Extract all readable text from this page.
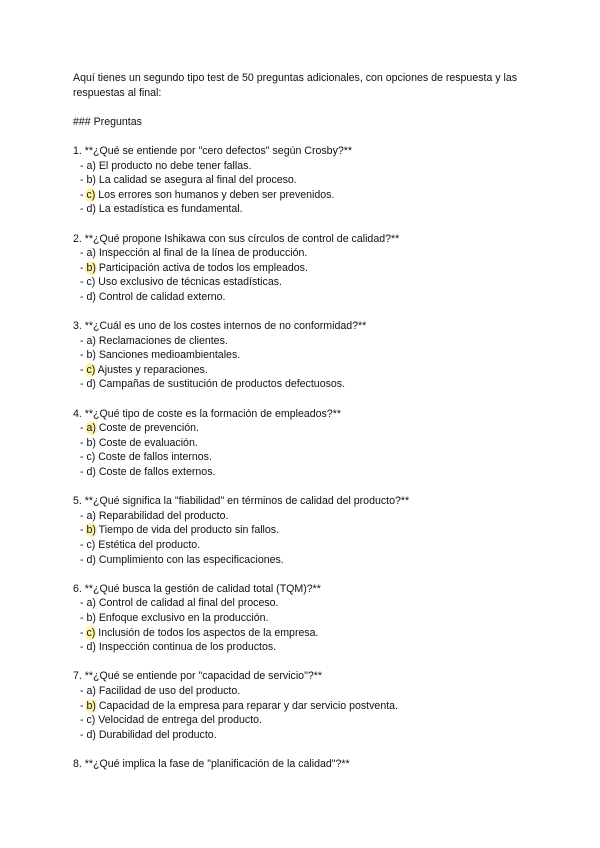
Aquí tienes un segundo tipo test de 50 preguntas adicionales, con opciones de respuesta y las respuestas al final:
### Preguntas
1. **¿Qué se entiende por "cero defectos" según Crosby?**
- a) El producto no debe tener fallas.
- b) La calidad se asegura al final del proceso.
- c) Los errores son humanos y deben ser prevenidos.
- d) La estadística es fundamental.
2. **¿Qué propone Ishikawa con sus círculos de control de calidad?**
- a) Inspección al final de la línea de producción.
- b) Participación activa de todos los empleados.
- c) Uso exclusivo de técnicas estadísticas.
- d) Control de calidad externo.
3. **¿Cuál es uno de los costes internos de no conformidad?**
- a) Reclamaciones de clientes.
- b) Sanciones medioambientales.
- c) Ajustes y reparaciones.
- d) Campañas de sustitución de productos defectuosos.
4. **¿Qué tipo de coste es la formación de empleados?**
- a) Coste de prevención.
- b) Coste de evaluación.
- c) Coste de fallos internos.
- d) Coste de fallos externos.
5. **¿Qué significa la "fiabilidad" en términos de calidad del producto?**
- a) Reparabilidad del producto.
- b) Tiempo de vida del producto sin fallos.
- c) Estética del producto.
- d) Cumplimiento con las especificaciones.
6. **¿Qué busca la gestión de calidad total (TQM)?**
- a) Control de calidad al final del proceso.
- b) Enfoque exclusivo en la producción.
- c) Inclusión de todos los aspectos de la empresa.
- d) Inspección continua de los productos.
7. **¿Qué se entiende por "capacidad de servicio"?**
- a) Facilidad de uso del producto.
- b) Capacidad de la empresa para reparar y dar servicio postventa.
- c) Velocidad de entrega del producto.
- d) Durabilidad del producto.
8. **¿Qué implica la fase de "planificación de la calidad"?**
